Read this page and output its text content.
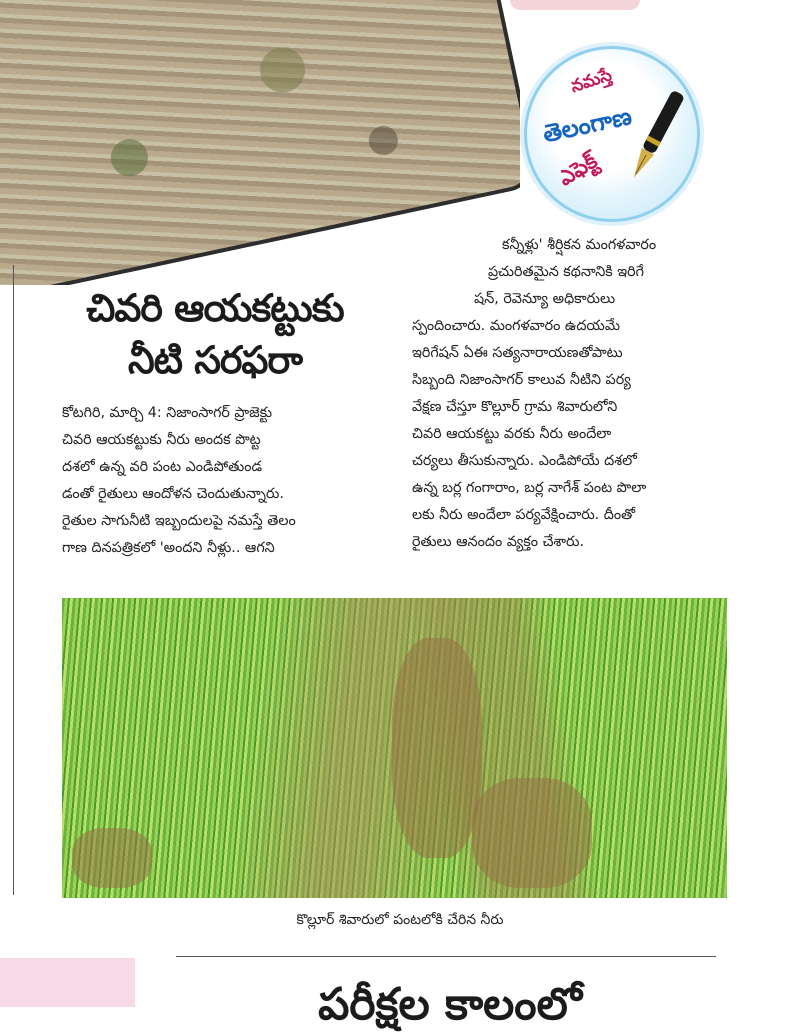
నమస్తే
తెలంగాణ
ఎఫెక్ట్
చివరి ఆయకట్టుకు
నీటి సరఫరా

కోటగిరి, మార్చి 4: నిజాంసాగర్ ప్రాజెక్టు

చివరి ఆయకట్టుకు నీరు అందక పొట్ట

దశలో ఉన్న వరి పంట ఎండిపోతుండ

డంతో రైతులు ఆందోళన చెందుతున్నారు.

రైతుల సాగునీటి ఇబ్బందులపై నమస్తే తెలం

గాణ దినపత్రికలో 'అందని నీళ్లు.. ఆగని

కన్నీళ్లు' శీర్షికన మంగళవారం

ప్రచురితమైన కథనానికి ఇరిగే

షన్, రెవెన్యూ అధికారులు

స్పందించారు. మంగళవారం ఉదయమే

ఇరిగేషన్ ఏఈ సత్యనారాయణతోపాటు

సిబ్బంది నిజాంసాగర్ కాలువ నీటిని పర్య

వేక్షణ చేస్తూ కొల్లూర్ గ్రామ శివారులోని

చివరి ఆయకట్టు వరకు నీరు అందేలా

చర్యలు తీసుకున్నారు. ఎండిపోయే దశలో

ఉన్న బర్ల గంగారాం, బర్ల నాగేశ్ పంట పొలా

లకు నీరు అందేలా పర్యవేక్షించారు. దీంతో

రైతులు ఆనందం వ్యక్తం చేశారు.

కొల్లూర్ శివారులో పంటలోకి చేరిన నీరు
పరీక్షల కాలంలో
